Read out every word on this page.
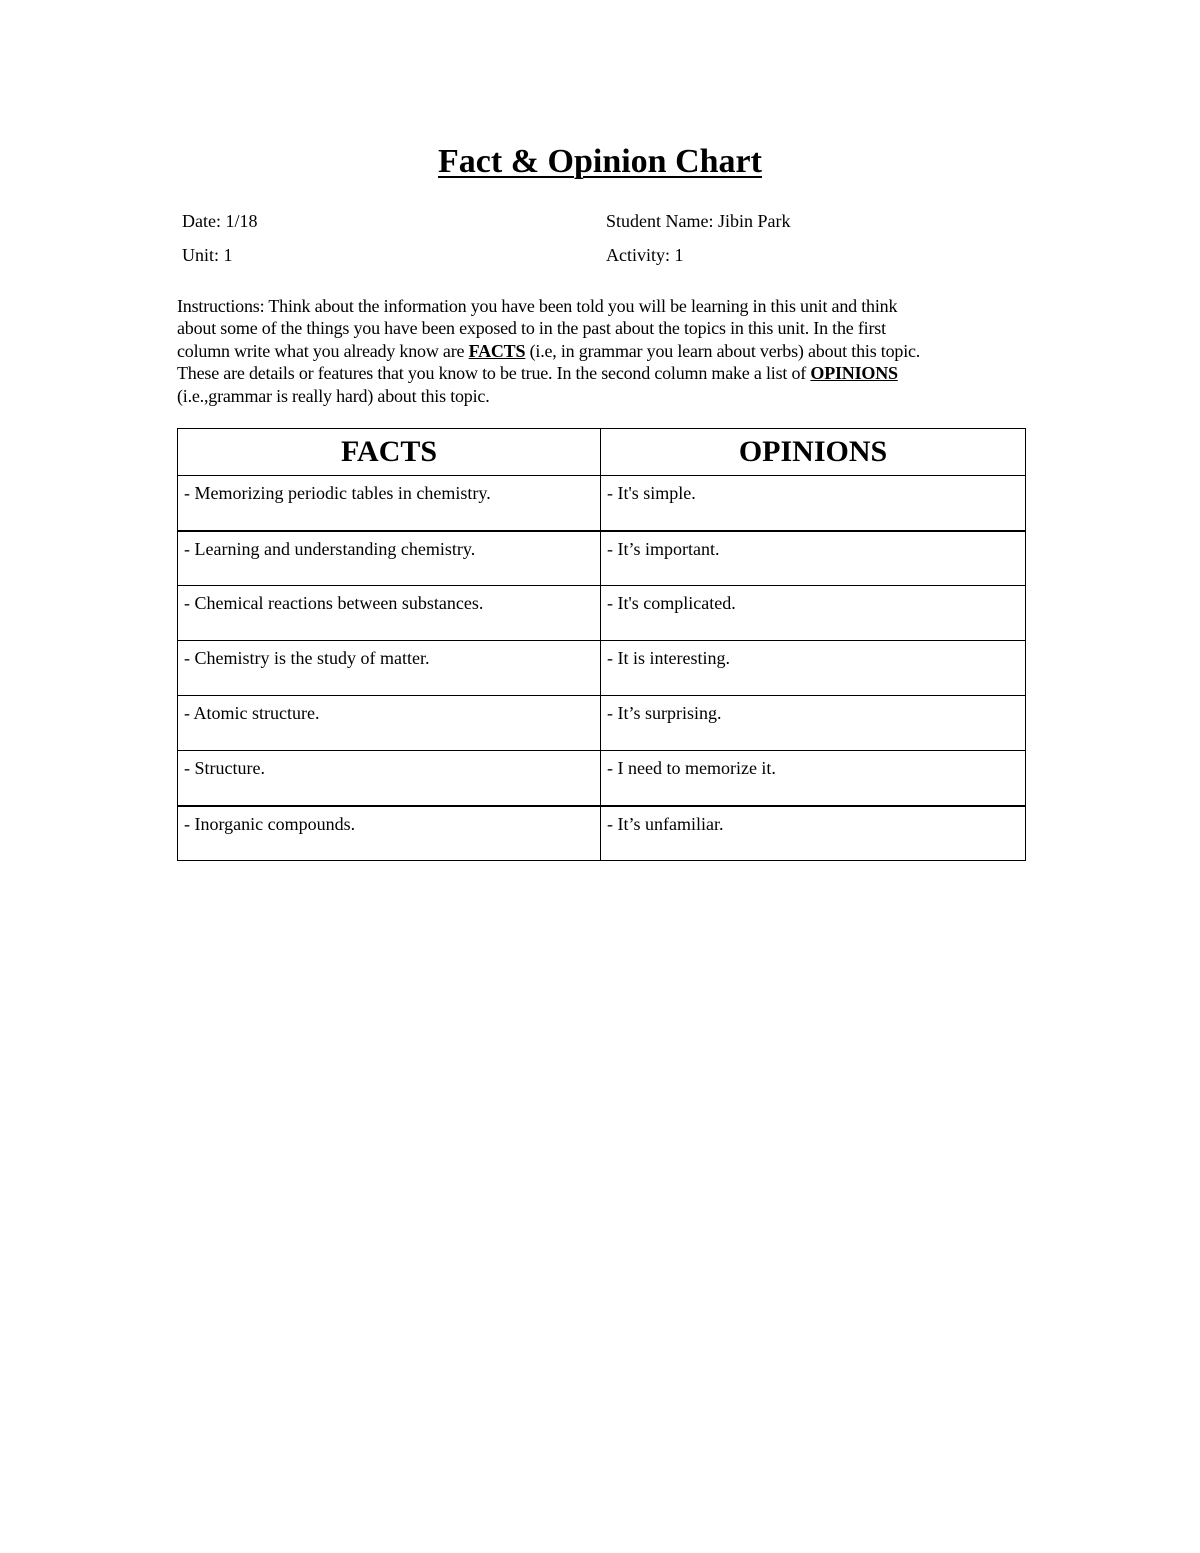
Fact & Opinion Chart
Date: 1/18
Unit: 1
Student Name: Jibin Park
Activity: 1
Instructions: Think about the information you have been told you will be learning in this unit and think
about some of the things you have been exposed to in the past about the topics in this unit. In the first
column write what you already know are FACTS (i.e, in grammar you learn about verbs) about this topic.
These are details or features that you know to be true. In the second column make a list of OPINIONS
(i.e.,grammar is really hard) about this topic.
FACTS	OPINIONS
- Memorizing periodic tables in chemistry.	- It's simple.
- Learning and understanding chemistry.	- It’s important.
- Chemical reactions between substances.	- It's complicated.
- Chemistry is the study of matter.	- It is interesting.
- Atomic structure.	- It’s surprising.
- Structure.	- I need to memorize it.
- Inorganic compounds.	- It’s unfamiliar.
